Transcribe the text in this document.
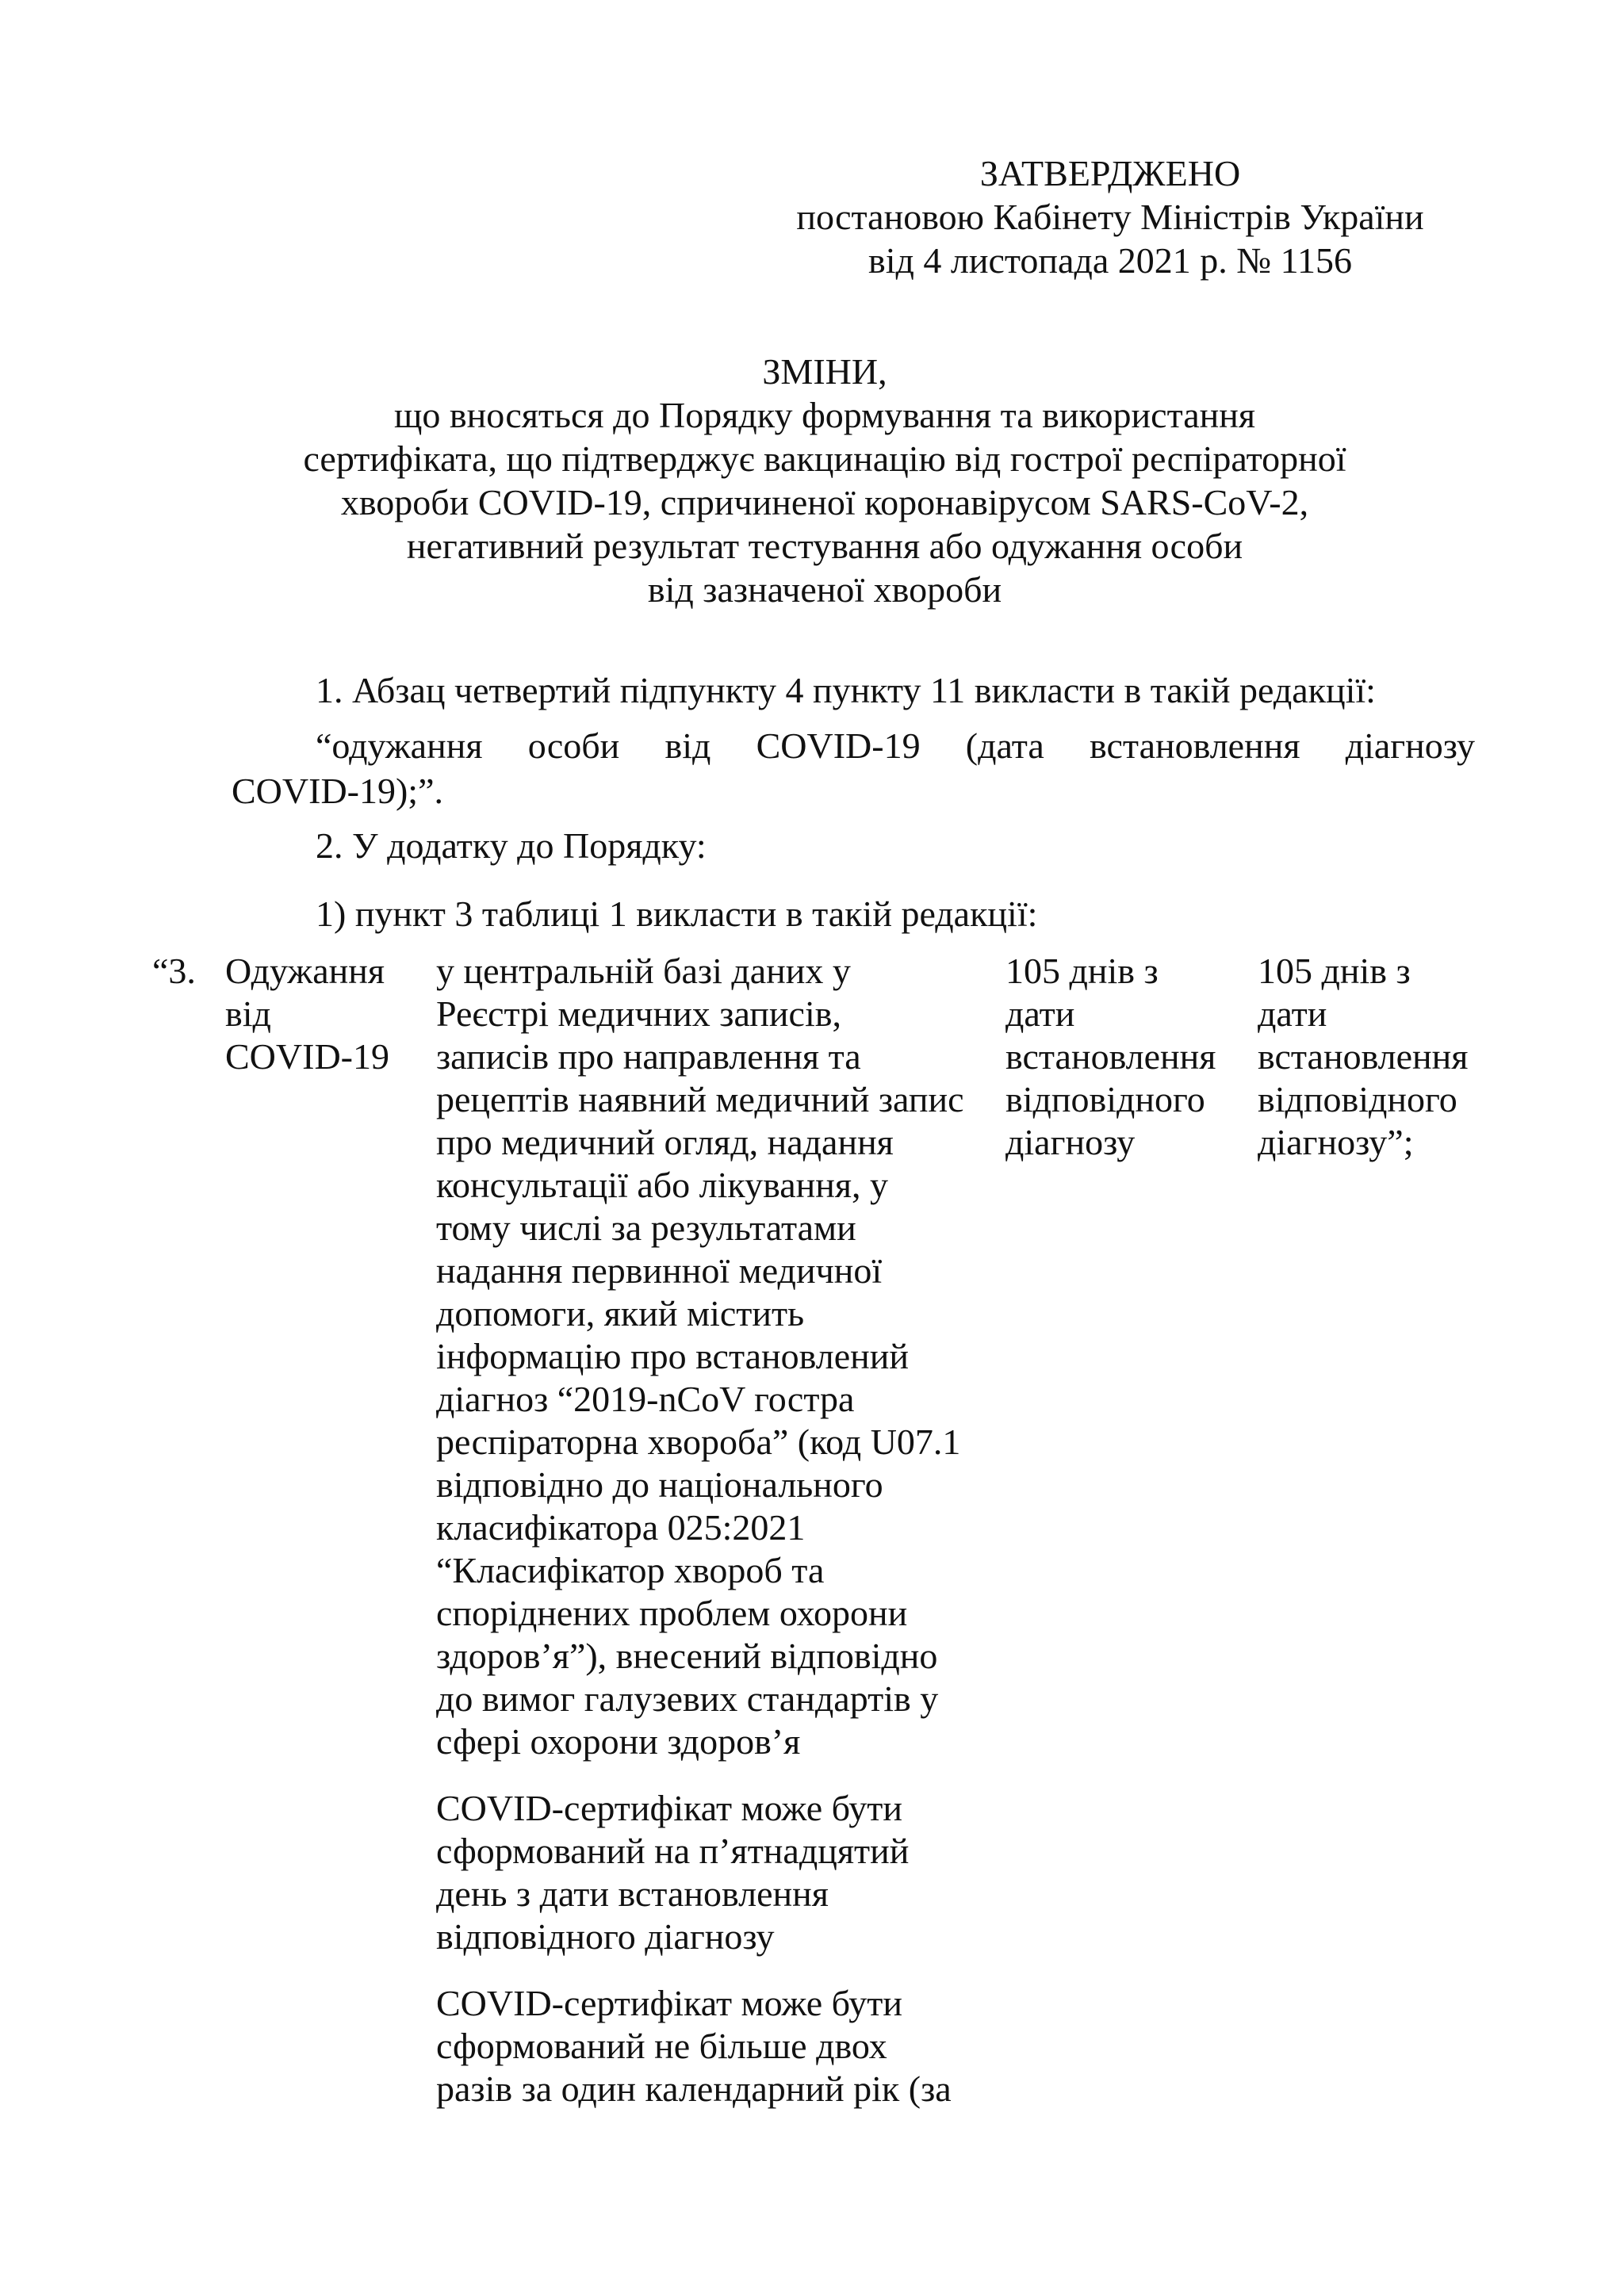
ЗАТВЕРДЖЕНО
постановою Кабінету Міністрів України
від 4 листопада 2021 р. № 1156
ЗМІНИ,
що вносяться до Порядку формування та використання
сертифіката, що підтверджує вакцинацію від гострої респіраторної
хвороби COVID-19, спричиненої коронавірусом SARS-CoV-2,
негативний результат тестування або одужання особи
від зазначеної хвороби
1. Абзац четвертий підпункту 4 пункту 11 викласти в такій редакції:
“одужання особи від COVID-19 (дата встановлення діагнозу
COVID-19);”.
2. У додатку до Порядку:
1) пункт 3 таблиці 1 викласти в такій редакції:
“3. Одужання
від
COVID-19
у центральній базі даних у
Реєстрі медичних записів,
записів про направлення та
рецептів наявний медичний запис
про медичний огляд, надання
консультації або лікування, у
тому числі за результатами
надання первинної медичної
допомоги, який містить
інформацію про встановлений
діагноз “2019-nCoV гостра
респіраторна хвороба” (код U07.1
відповідно до національного
класифікатора 025:2021
“Класифікатор хвороб та
споріднених проблем охорони
здоров’я”), внесений відповідно
до вимог галузевих стандартів у
сфері охорони здоров’я
COVID-сертифікат може бути
сформований на п’ятнадцятий
день з дати встановлення
відповідного діагнозу
COVID-сертифікат може бути
сформований не більше двох
разів за один календарний рік (за
105 днів з
дати
встановлення
відповідного
діагнозу
105 днів з
дати
встановлення
відповідного
діагнозу”;
